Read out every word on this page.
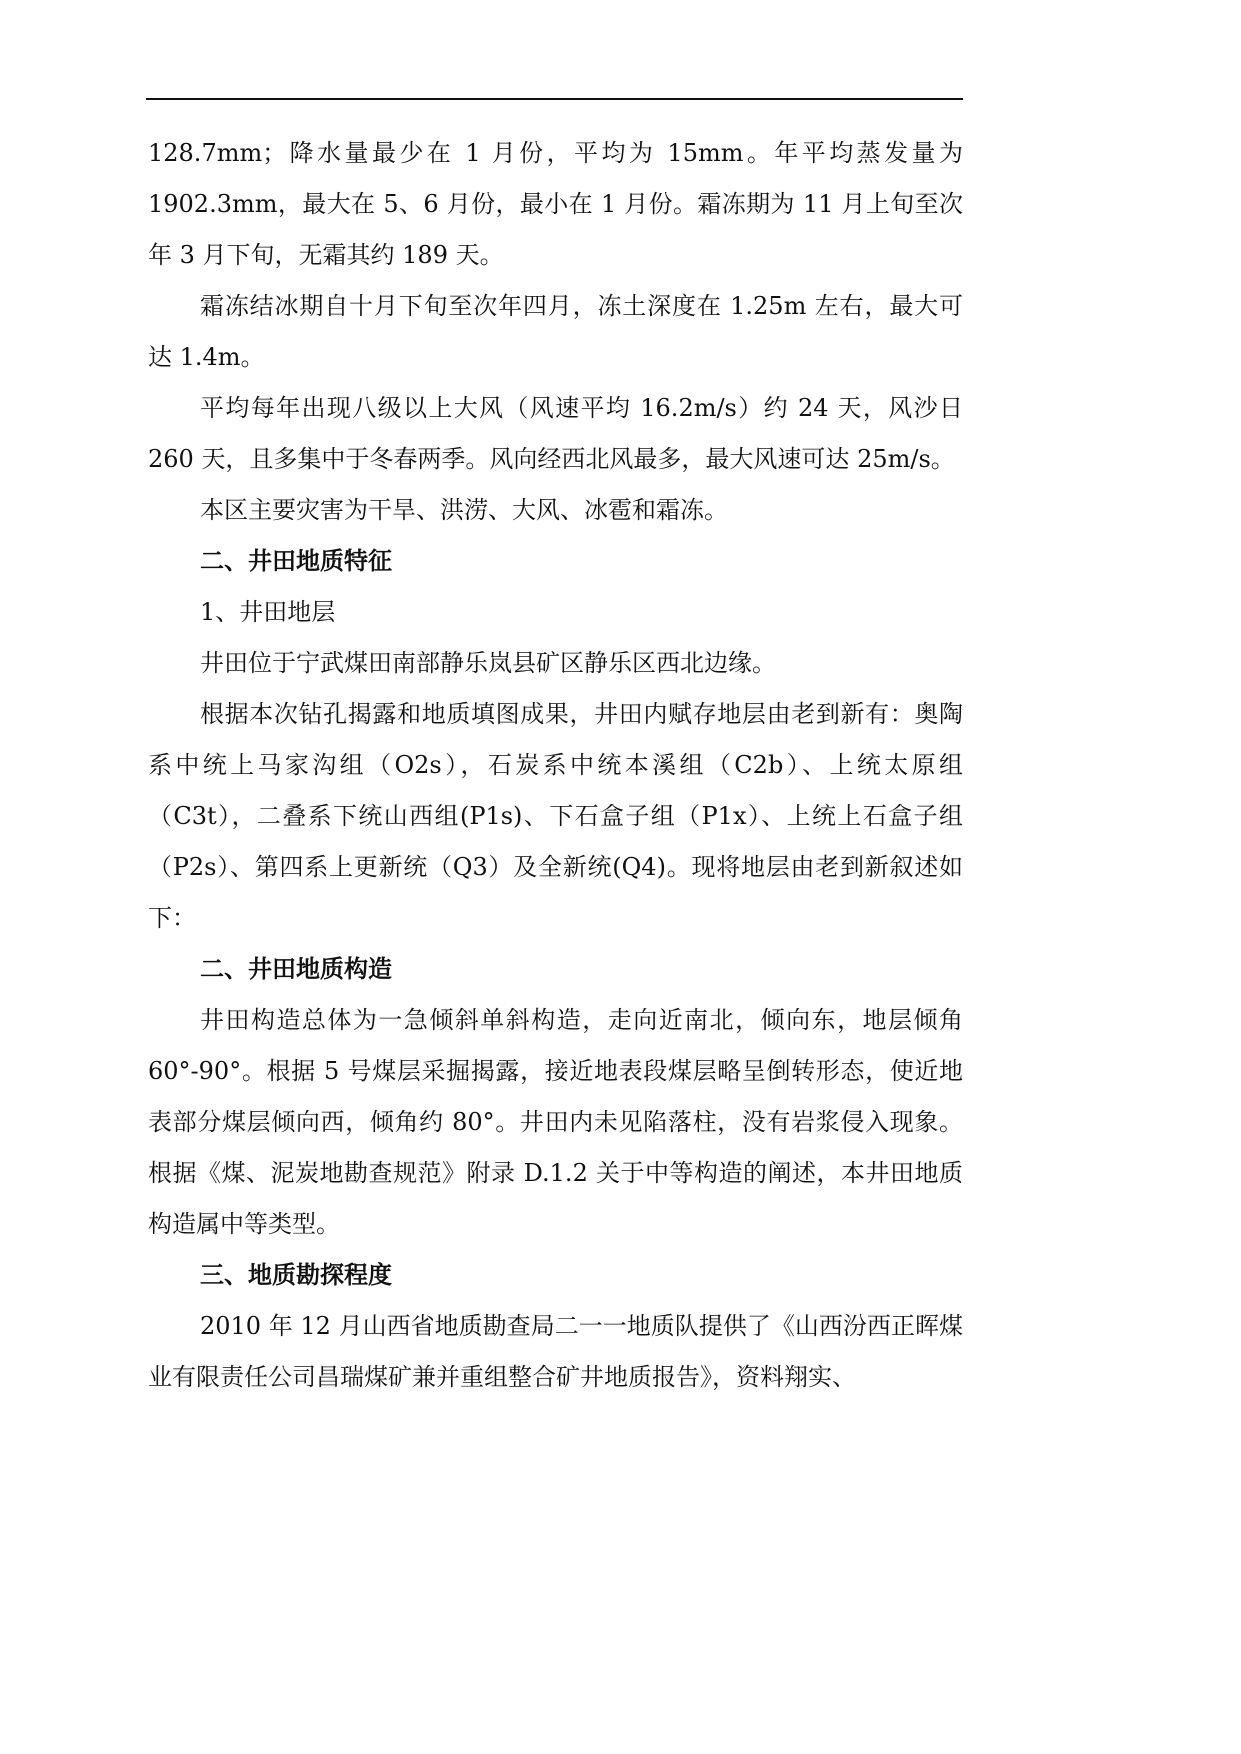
128.7mm；降水量最少在 1 月份，平均为 15mm。年平均蒸发量为 1902.3mm，最大在 5、6 月份，最小在 1 月份。霜冻期为 11 月上旬至次年 3 月下旬，无霜其约 189 天。

霜冻结冰期自十月下旬至次年四月，冻土深度在 1.25m 左右，最大可达 1.4m。

平均每年出现八级以上大风（风速平均 16.2m/s）约 24 天，风沙日 260 天，且多集中于冬春两季。风向经西北风最多，最大风速可达 25m/s。

本区主要灾害为干旱、洪涝、大风、冰雹和霜冻。

二、井田地质特征

1、井田地层

井田位于宁武煤田南部静乐岚县矿区静乐区西北边缘。

根据本次钻孔揭露和地质填图成果，井田内赋存地层由老到新有：奥陶系中统上马家沟组（O2s），石炭系中统本溪组（C2b）、上统太原组（C3t），二叠系下统山西组(P1s)、下石盒子组（P1x）、上统上石盒子组（P2s）、第四系上更新统（Q3）及全新统(Q4)。现将地层由老到新叙述如下：

二、井田地质构造

井田构造总体为一急倾斜单斜构造，走向近南北，倾向东，地层倾角 60°-90°。根据 5 号煤层采掘揭露，接近地表段煤层略呈倒转形态，使近地表部分煤层倾向西，倾角约 80°。井田内未见陷落柱，没有岩浆侵入现象。根据《煤、泥炭地勘查规范》附录 D.1.2 关于中等构造的阐述，本井田地质构造属中等类型。

三、地质勘探程度

2010 年 12 月山西省地质勘查局二一一地质队提供了《山西汾西正晖煤业有限责任公司昌瑞煤矿兼并重组整合矿井地质报告》，资料翔实、
